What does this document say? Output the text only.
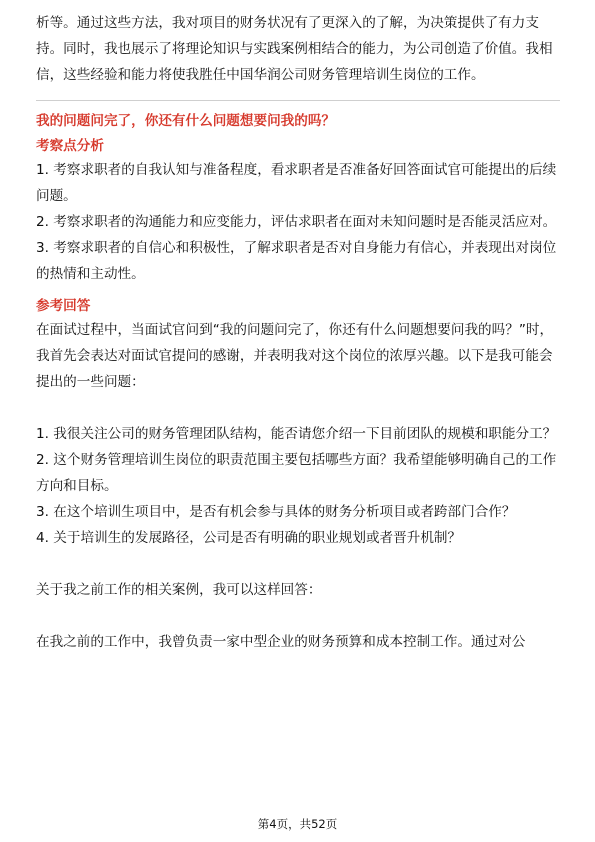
析等。通过这些方法，我对项目的财务状况有了更深入的了解，为决策提供了有力支持。同时，我也展示了将理论知识与实践案例相结合的能力，为公司创造了价值。我相信，这些经验和能力将使我胜任中国华润公司财务管理培训生岗位的工作。

我的问题问完了，你还有什么问题想要问我的吗？
考察点分析

1. 考察求职者的自我认知与准备程度，看求职者是否准备好回答面试官可能提出的后续问题。

2. 考察求职者的沟通能力和应变能力，评估求职者在面对未知问题时是否能灵活应对。

3. 考察求职者的自信心和积极性，了解求职者是否对自身能力有信心，并表现出对岗位的热情和主动性。

参考回答

在面试过程中，当面试官问到“我的问题问完了，你还有什么问题想要问我的吗？”时，我首先会表达对面试官提问的感谢，并表明我对这个岗位的浓厚兴趣。以下是我可能会提出的一些问题：

1. 我很关注公司的财务管理团队结构，能否请您介绍一下目前团队的规模和职能分工？

2. 这个财务管理培训生岗位的职责范围主要包括哪些方面？我希望能够明确自己的工作方向和目标。

3. 在这个培训生项目中，是否有机会参与具体的财务分析项目或者跨部门合作？

4. 关于培训生的发展路径，公司是否有明确的职业规划或者晋升机制？

关于我之前工作的相关案例，我可以这样回答：

在我之前的工作中，我曾负责一家中型企业的财务预算和成本控制工作。通过对公

第4页，共52页
